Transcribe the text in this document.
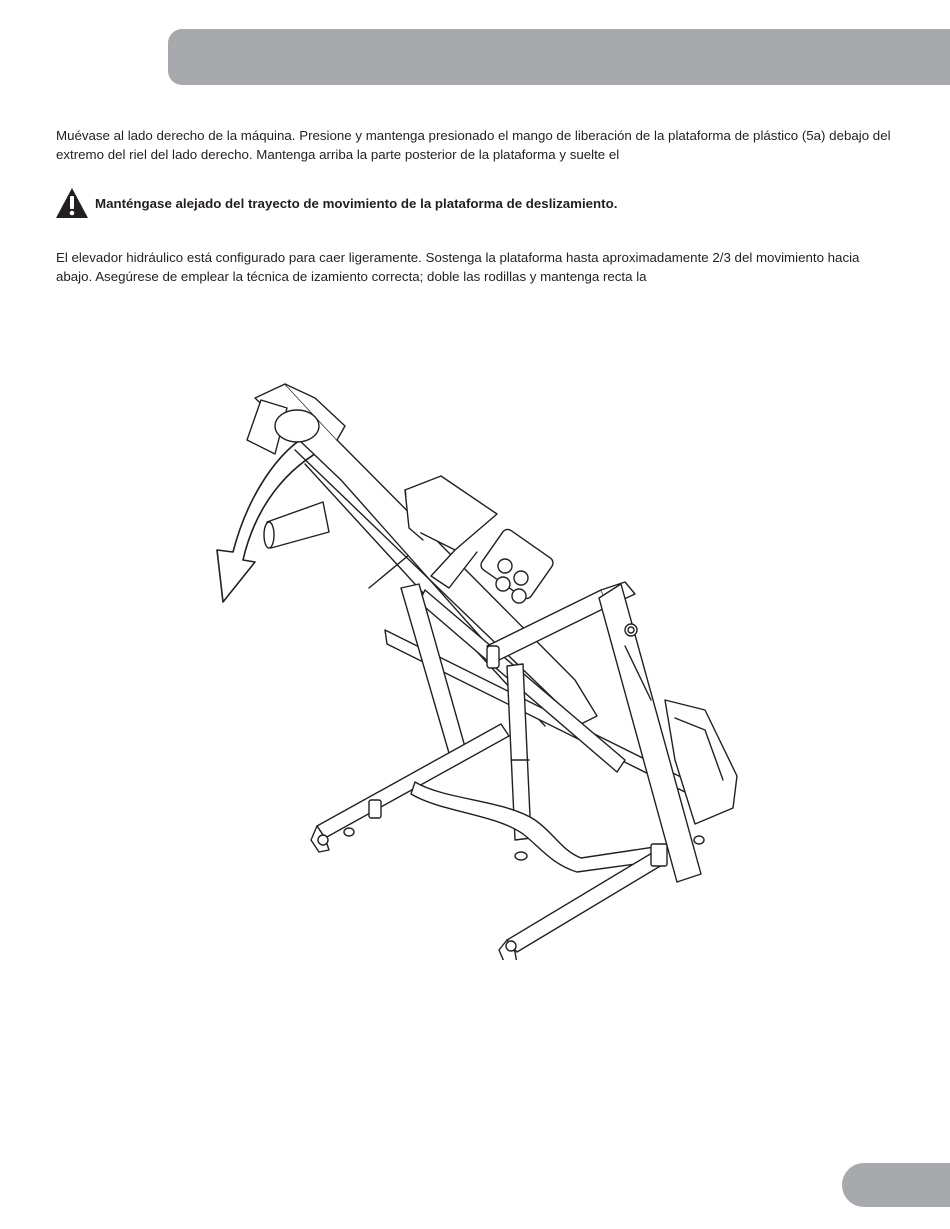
Muévase al lado derecho de la máquina. Presione y mantenga presionado el mango de liberación de la plataforma de plástico (5a) debajo del extremo del riel del lado derecho. Mantenga arriba la parte posterior de la plataforma y suelte el

Manténgase alejado del trayecto de movimiento de la plataforma de deslizamiento.

El elevador hidráulico está configurado para caer ligeramente. Sostenga la plataforma hasta aproximadamente 2/3 del movimiento hacia abajo. Asegúrese de emplear la técnica de izamiento correcta; doble las rodillas y mantenga recta la
